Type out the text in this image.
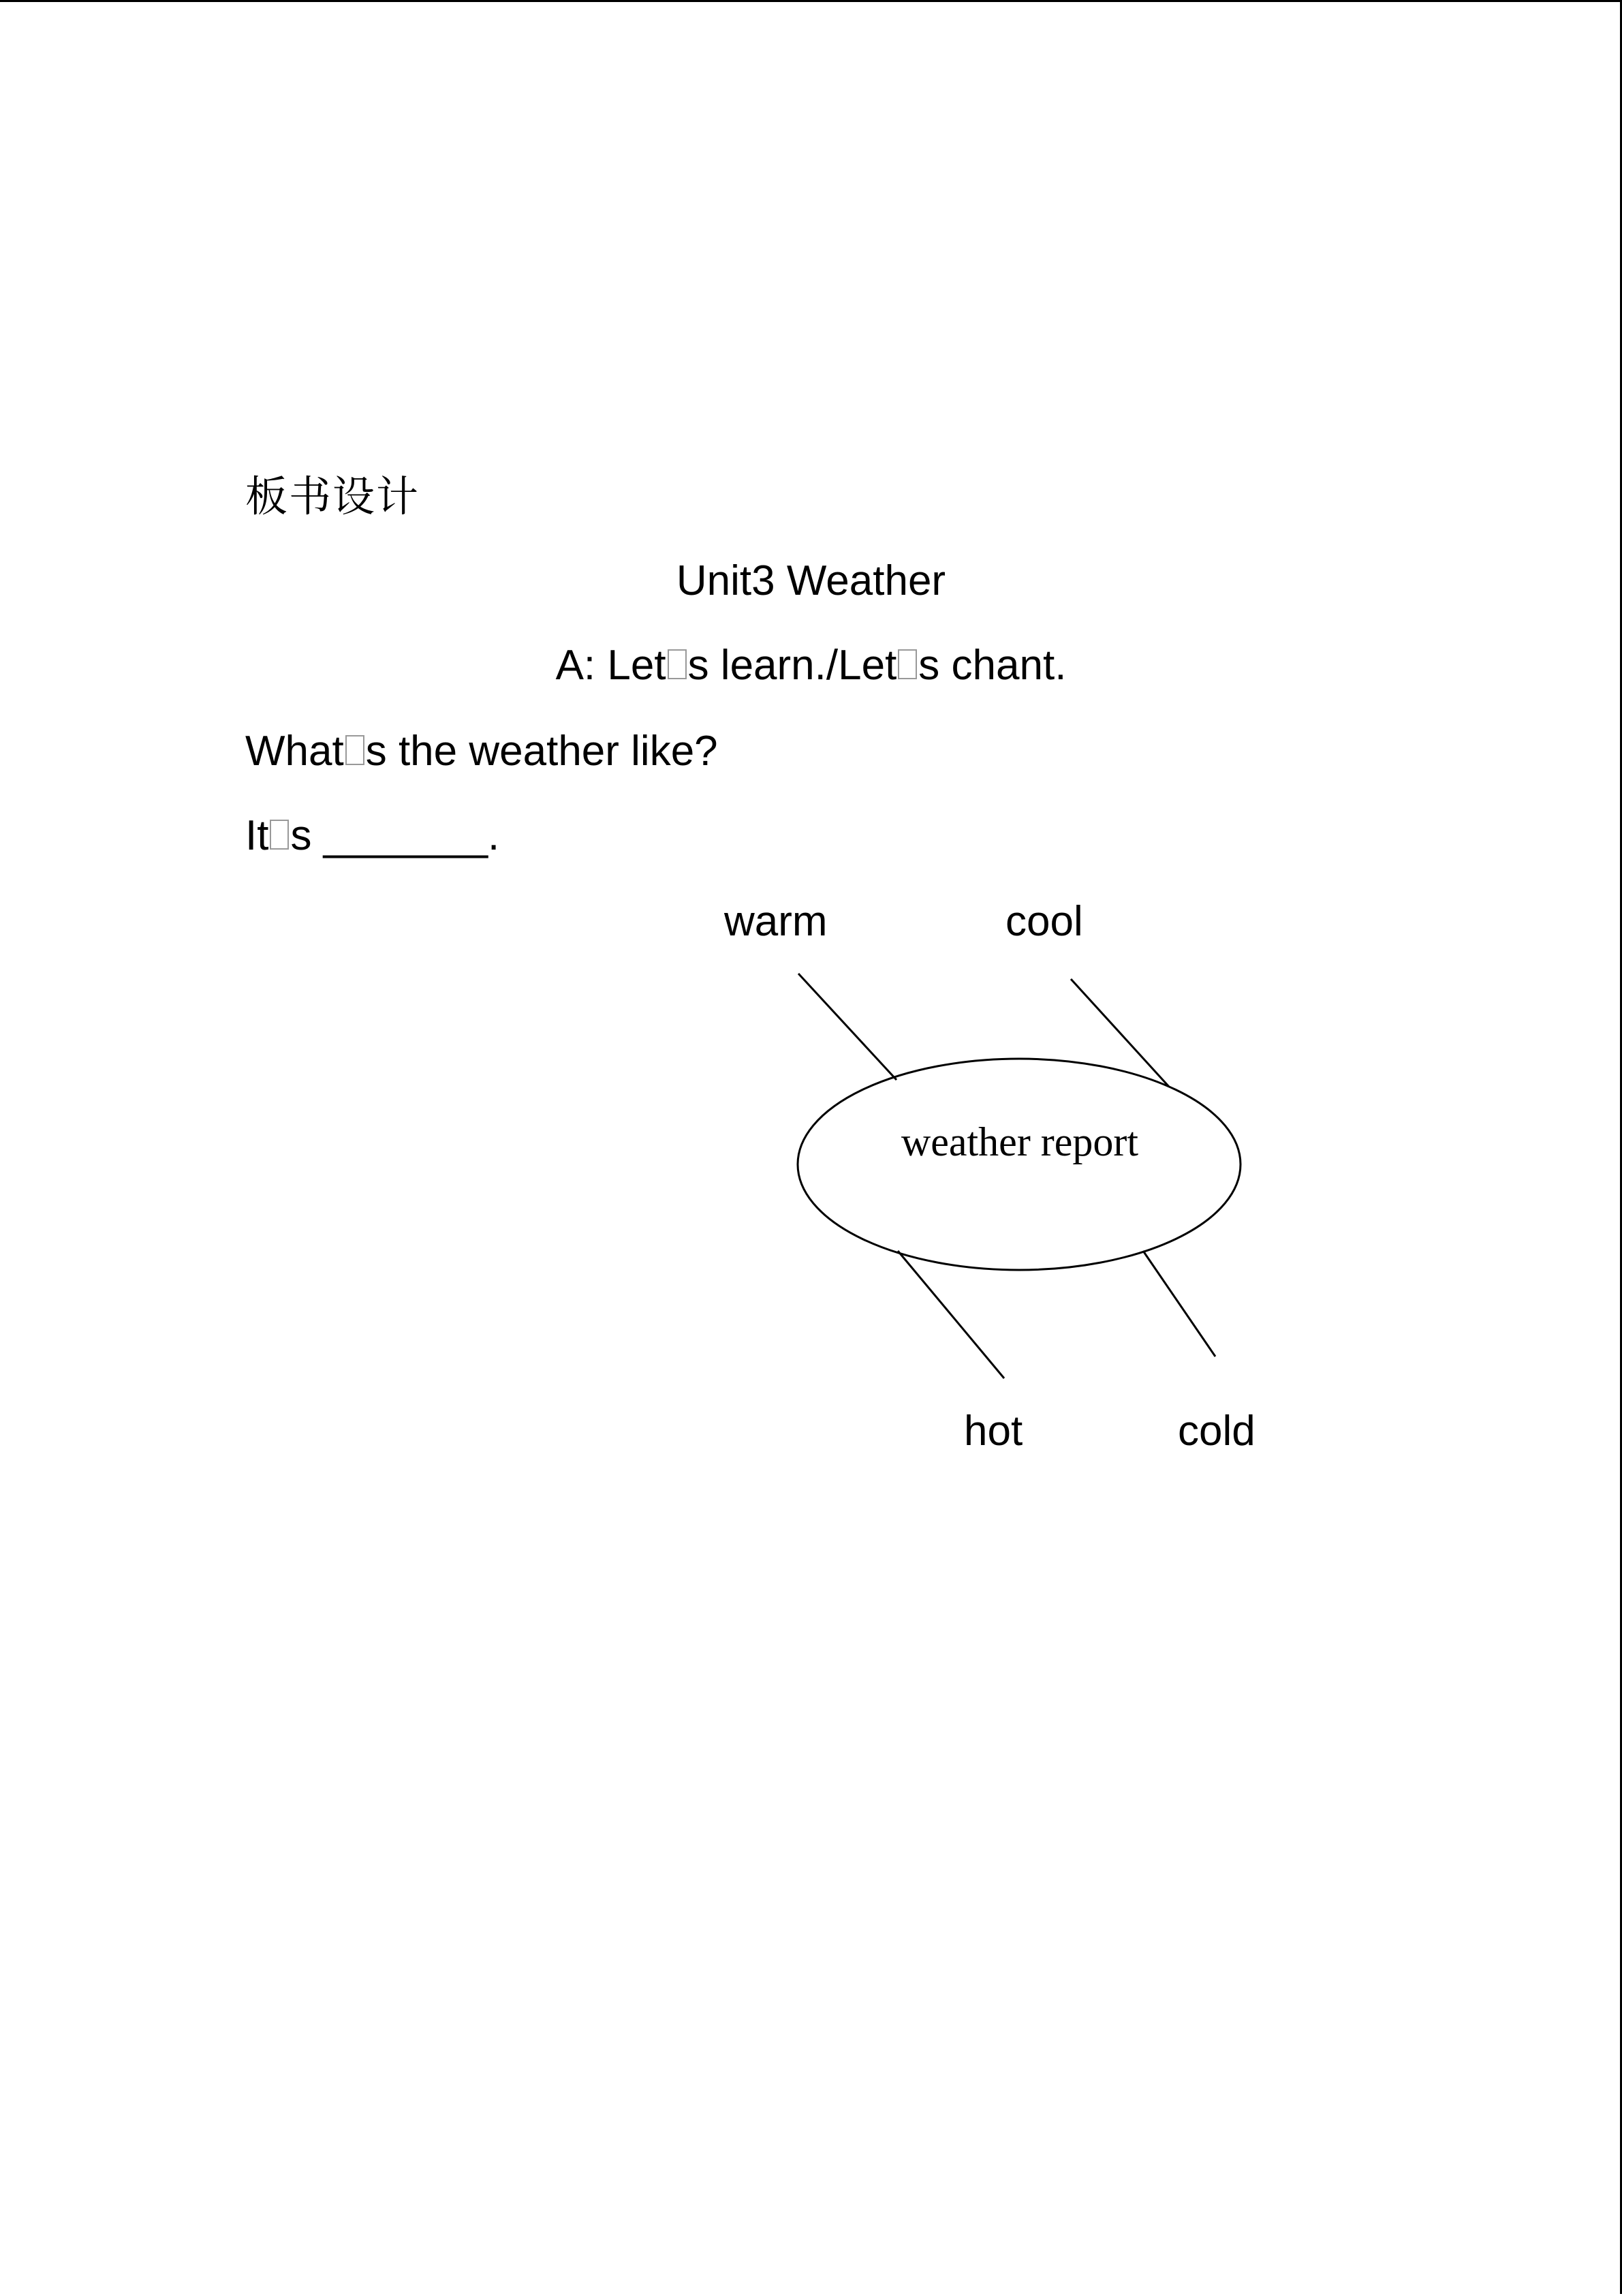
板书设计
Unit3 Weather
A: Let s learn./Let s chant.
What s the weather like?
It s _______.
weather report
warm	cool
hot	cold
